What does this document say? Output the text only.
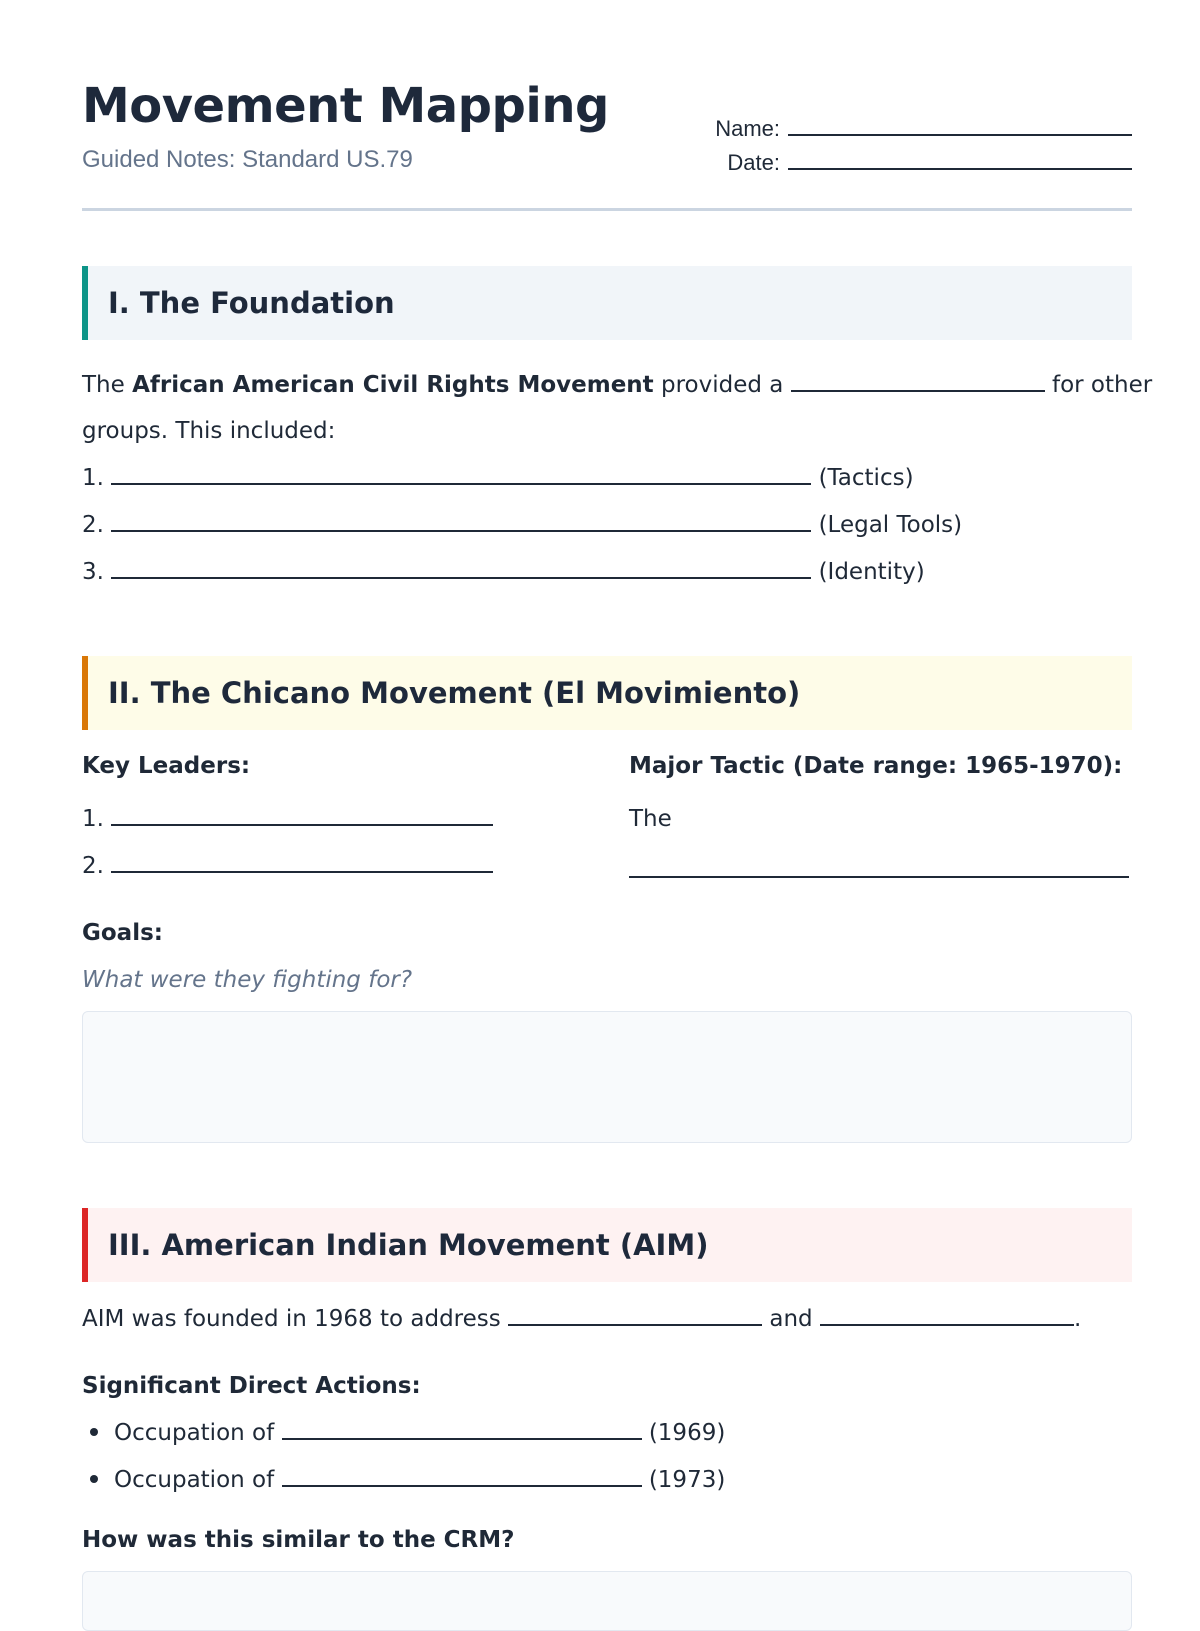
Movement Mapping
Guided Notes: Standard US.79
Name:
Date:
I. The Foundation
The African American Civil Rights Movement provided a	for other
groups. This included:
1.	(Tactics)
2.	(Legal Tools)
3.	(Identity)
II. The Chicano Movement (El Movimiento)
Key Leaders:
1.
2.
Major Tactic (Date range: 1965-1970):
The
Goals:
What were they fighting for?
III. American Indian Movement (AIM)
AIM was founded in 1968 to address	and	.
Significant Direct Actions:
Occupation of	(1969)
Occupation of	(1973)
How was this similar to the CRM?
